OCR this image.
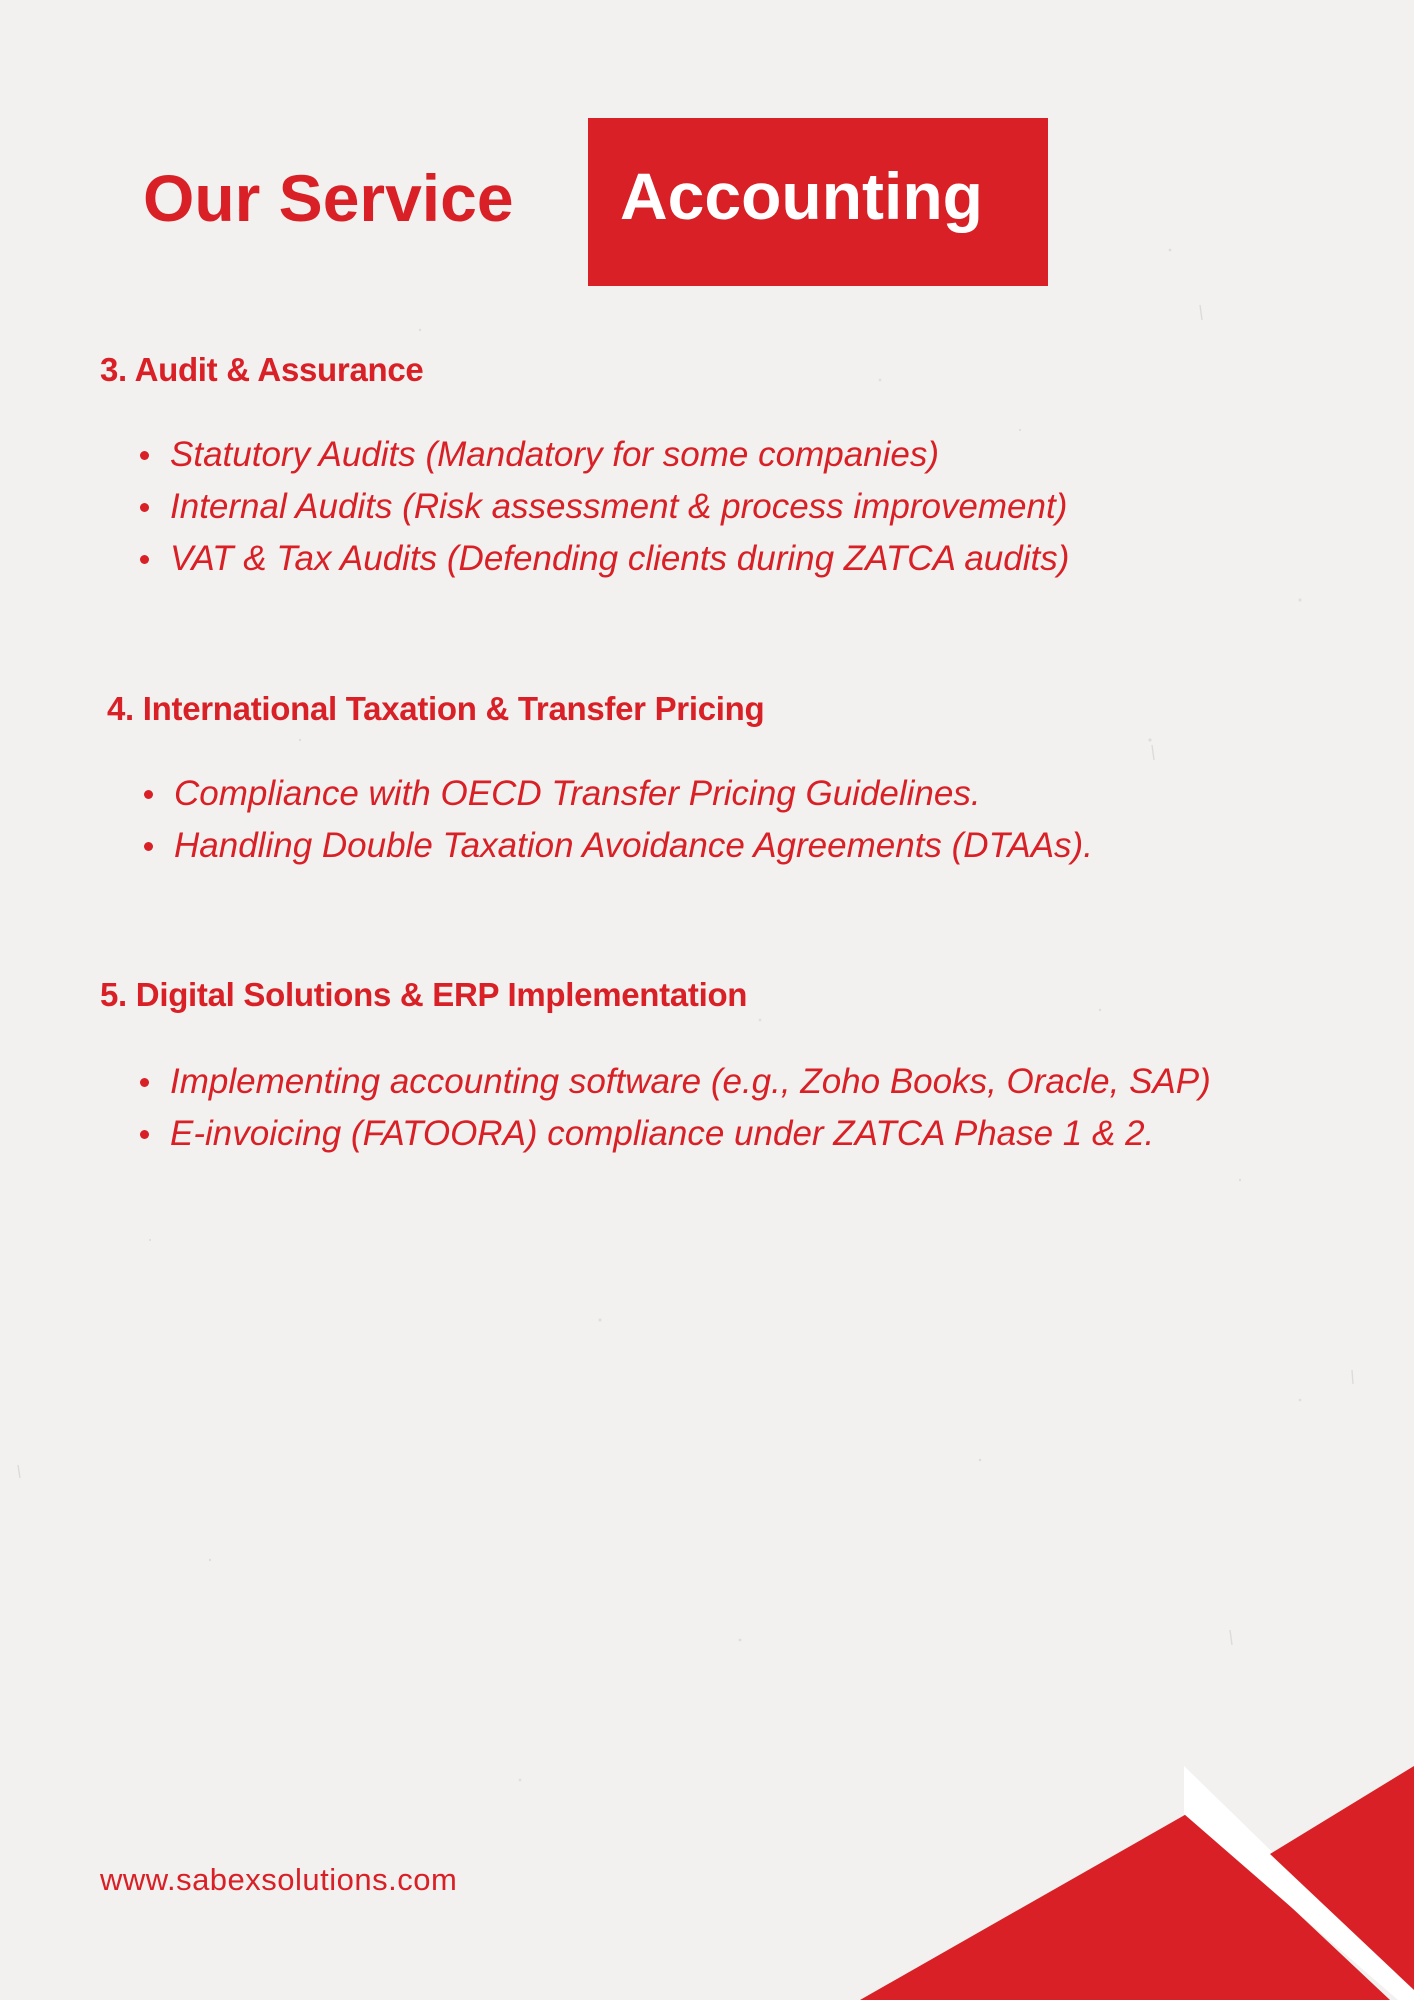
Our Service Accounting
3. Audit & Assurance
Statutory Audits (Mandatory for some companies)
Internal Audits (Risk assessment & process improvement)
VAT & Tax Audits (Defending clients during ZATCA audits)
4. International Taxation & Transfer Pricing
Compliance with OECD Transfer Pricing Guidelines.
Handling Double Taxation Avoidance Agreements (DTAAs).
5. Digital Solutions & ERP Implementation
Implementing accounting software (e.g., Zoho Books, Oracle, SAP)
E-invoicing (FATOORA) compliance under ZATCA Phase 1 & 2.
www.sabexsolutions.com
